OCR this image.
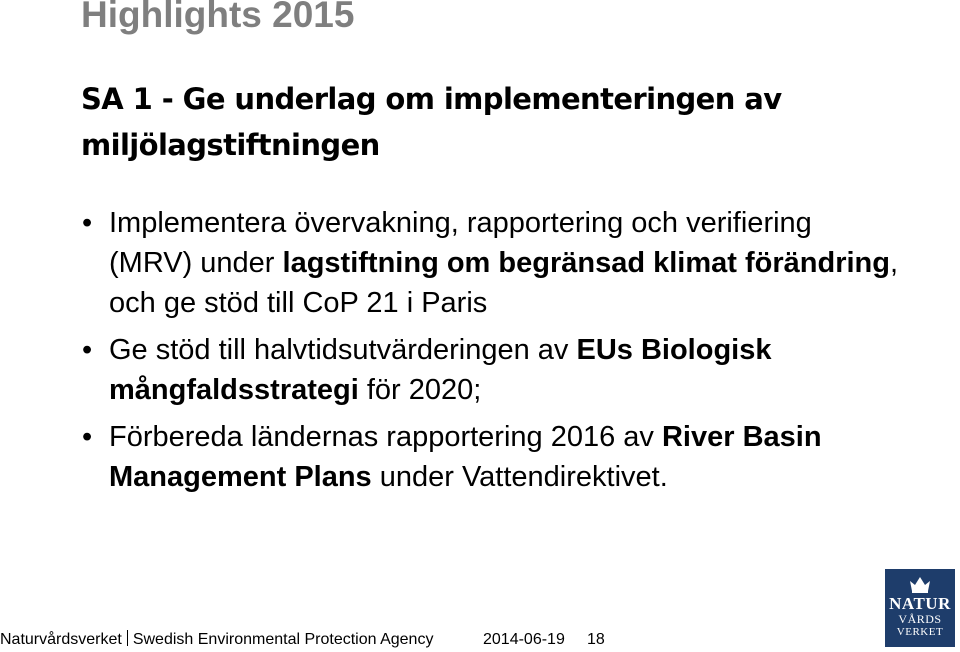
Highlights 2015
SA 1 - Ge underlag om implementeringen av miljölagstiftningen
• Implementera övervakning, rapportering och verifiering (MRV) under lagstiftning om begränsad klimat förändring, och ge stöd till CoP 21 i Paris
• Ge stöd till halvtidsutvärderingen av EUs Biologisk mångfaldsstrategi för 2020;
• Förbereda ländernas rapportering 2016 av River Basin Management Plans under Vattendirektivet.
Naturvårdsverket Swedish Environmental Protection Agency	2014-06-19 18
NATUR
VÅRDS
VERKET
